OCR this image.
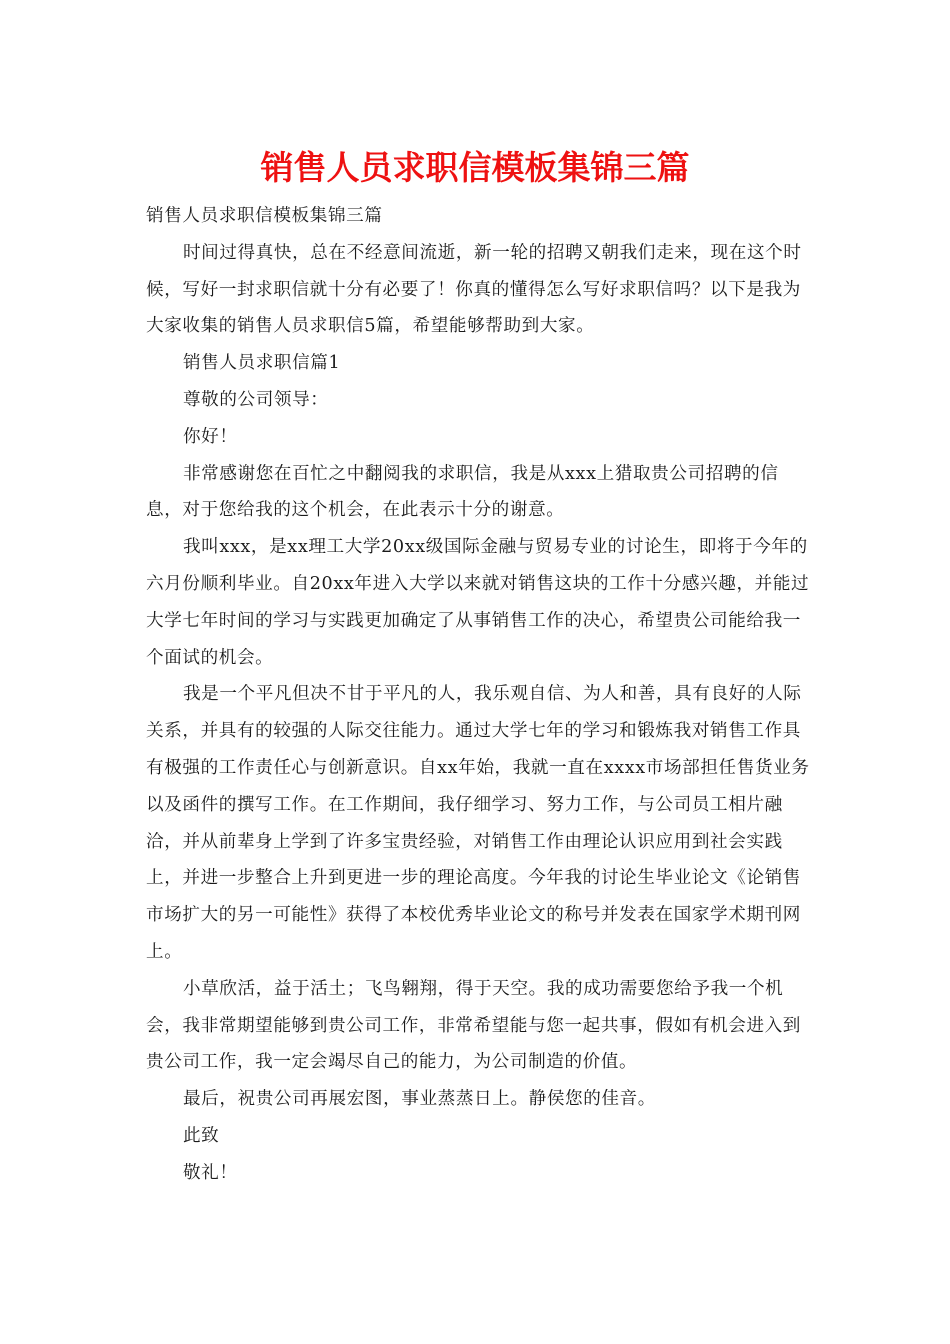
销售人员求职信模板集锦三篇

销售人员求职信模板集锦三篇

时间过得真快，总在不经意间流逝，新一轮的招聘又朝我们走来，现在这个时候，写好一封求职信就十分有必要了！你真的懂得怎么写好求职信吗？以下是我为大家收集的销售人员求职信5篇，希望能够帮助到大家。

销售人员求职信篇1

尊敬的公司领导：

你好！

非常感谢您在百忙之中翻阅我的求职信，我是从xxx上猎取贵公司招聘的信息，对于您给我的这个机会，在此表示十分的谢意。

我叫xxx，是xx理工大学20xx级国际金融与贸易专业的讨论生，即将于今年的六月份顺利毕业。自20xx年进入大学以来就对销售这块的工作十分感兴趣，并能过大学七年时间的学习与实践更加确定了从事销售工作的决心，希望贵公司能给我一个面试的机会。

我是一个平凡但决不甘于平凡的人，我乐观自信、为人和善，具有良好的人际关系，并具有的较强的人际交往能力。通过大学七年的学习和锻炼我对销售工作具有极强的工作责任心与创新意识。自xx年始，我就一直在xxxx市场部担任售货业务以及函件的撰写工作。在工作期间，我仔细学习、努力工作，与公司员工相片融洽，并从前辈身上学到了许多宝贵经验，对销售工作由理论认识应用到社会实践上，并进一步整合上升到更进一步的理论高度。今年我的讨论生毕业论文《论销售市场扩大的另一可能性》获得了本校优秀毕业论文的称号并发表在国家学术期刊网上。

小草欣活，益于活土；飞鸟翱翔，得于天空。我的成功需要您给予我一个机会，我非常期望能够到贵公司工作，非常希望能与您一起共事，假如有机会进入到贵公司工作，我一定会竭尽自己的能力，为公司制造的价值。

最后，祝贵公司再展宏图，事业蒸蒸日上。静侯您的佳音。

此致

敬礼！
